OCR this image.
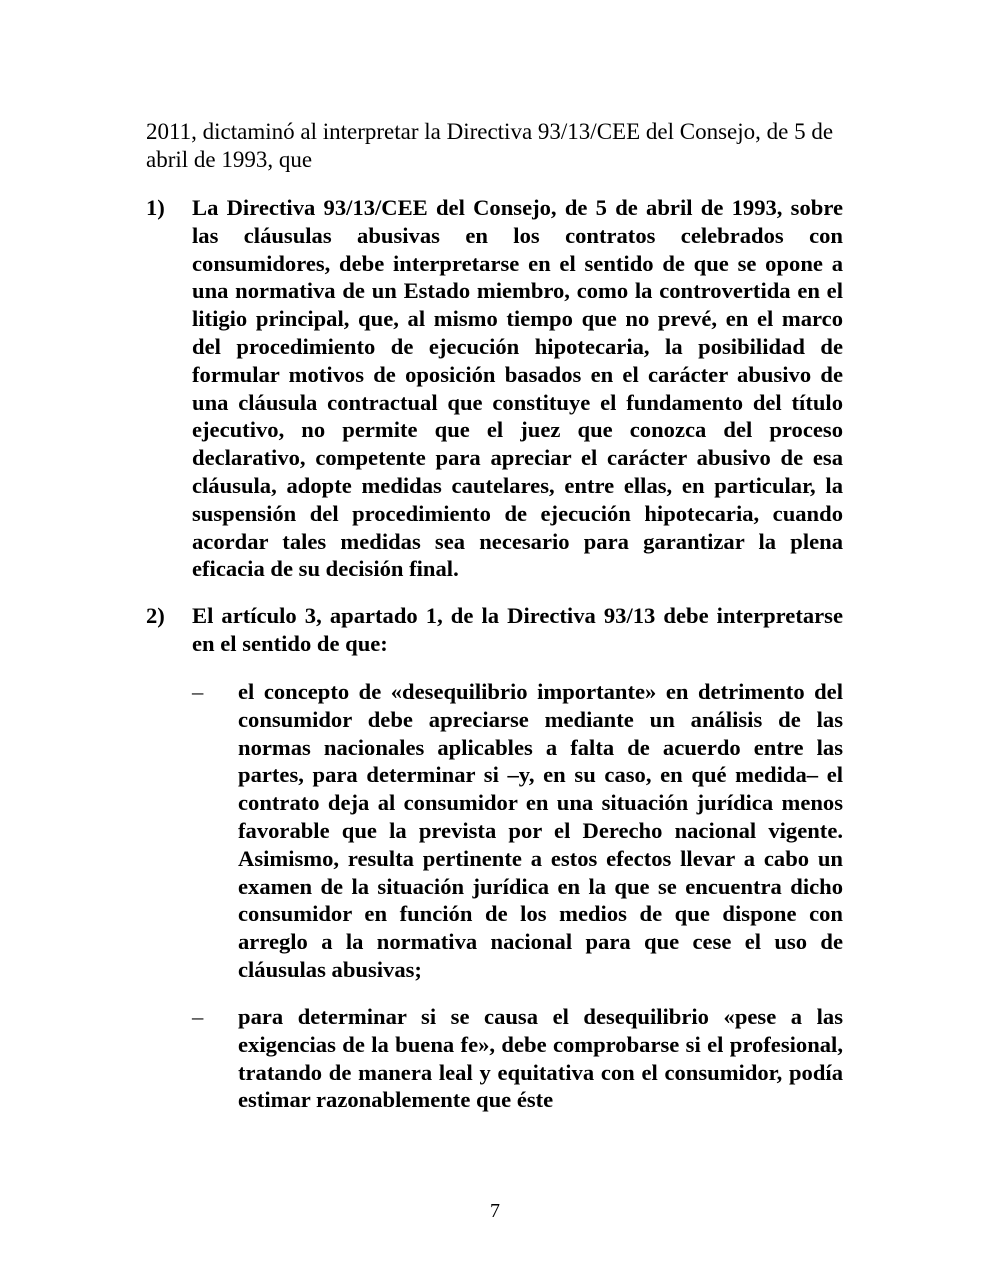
2011, dictaminó al interpretar la Directiva 93/13/CEE del Consejo, de 5 de abril de 1993, que

1) La Directiva 93/13/CEE del Consejo, de 5 de abril de 1993, sobre las cláusulas abusivas en los contratos celebrados con consumidores, debe interpretarse en el sentido de que se opone a una normativa de un Estado miembro, como la controvertida en el litigio principal, que, al mismo tiempo que no prevé, en el marco del procedimiento de ejecución hipotecaria, la posibilidad de formular motivos de oposición basados en el carácter abusivo de una cláusula contractual que constituye el fundamento del título ejecutivo, no permite que el juez que conozca del proceso declarativo, competente para apreciar el carácter abusivo de esa cláusula, adopte medidas cautelares, entre ellas, en particular, la suspensión del procedimiento de ejecución hipotecaria, cuando acordar tales medidas sea necesario para garantizar la plena eficacia de su decisión final.
2) El artículo 3, apartado 1, de la Directiva 93/13 debe interpretarse en el sentido de que:
– el concepto de «desequilibrio importante» en detrimento del consumidor debe apreciarse mediante un análisis de las normas nacionales aplicables a falta de acuerdo entre las partes, para determinar si –y, en su caso, en qué medida– el contrato deja al consumidor en una situación jurídica menos favorable que la prevista por el Derecho nacional vigente. Asimismo, resulta pertinente a estos efectos llevar a cabo un examen de la situación jurídica en la que se encuentra dicho consumidor en función de los medios de que dispone con arreglo a la normativa nacional para que cese el uso de cláusulas abusivas;
– para determinar si se causa el desequilibrio «pese a las exigencias de la buena fe», debe comprobarse si el profesional, tratando de manera leal y equitativa con el consumidor, podía estimar razonablemente que éste
7
